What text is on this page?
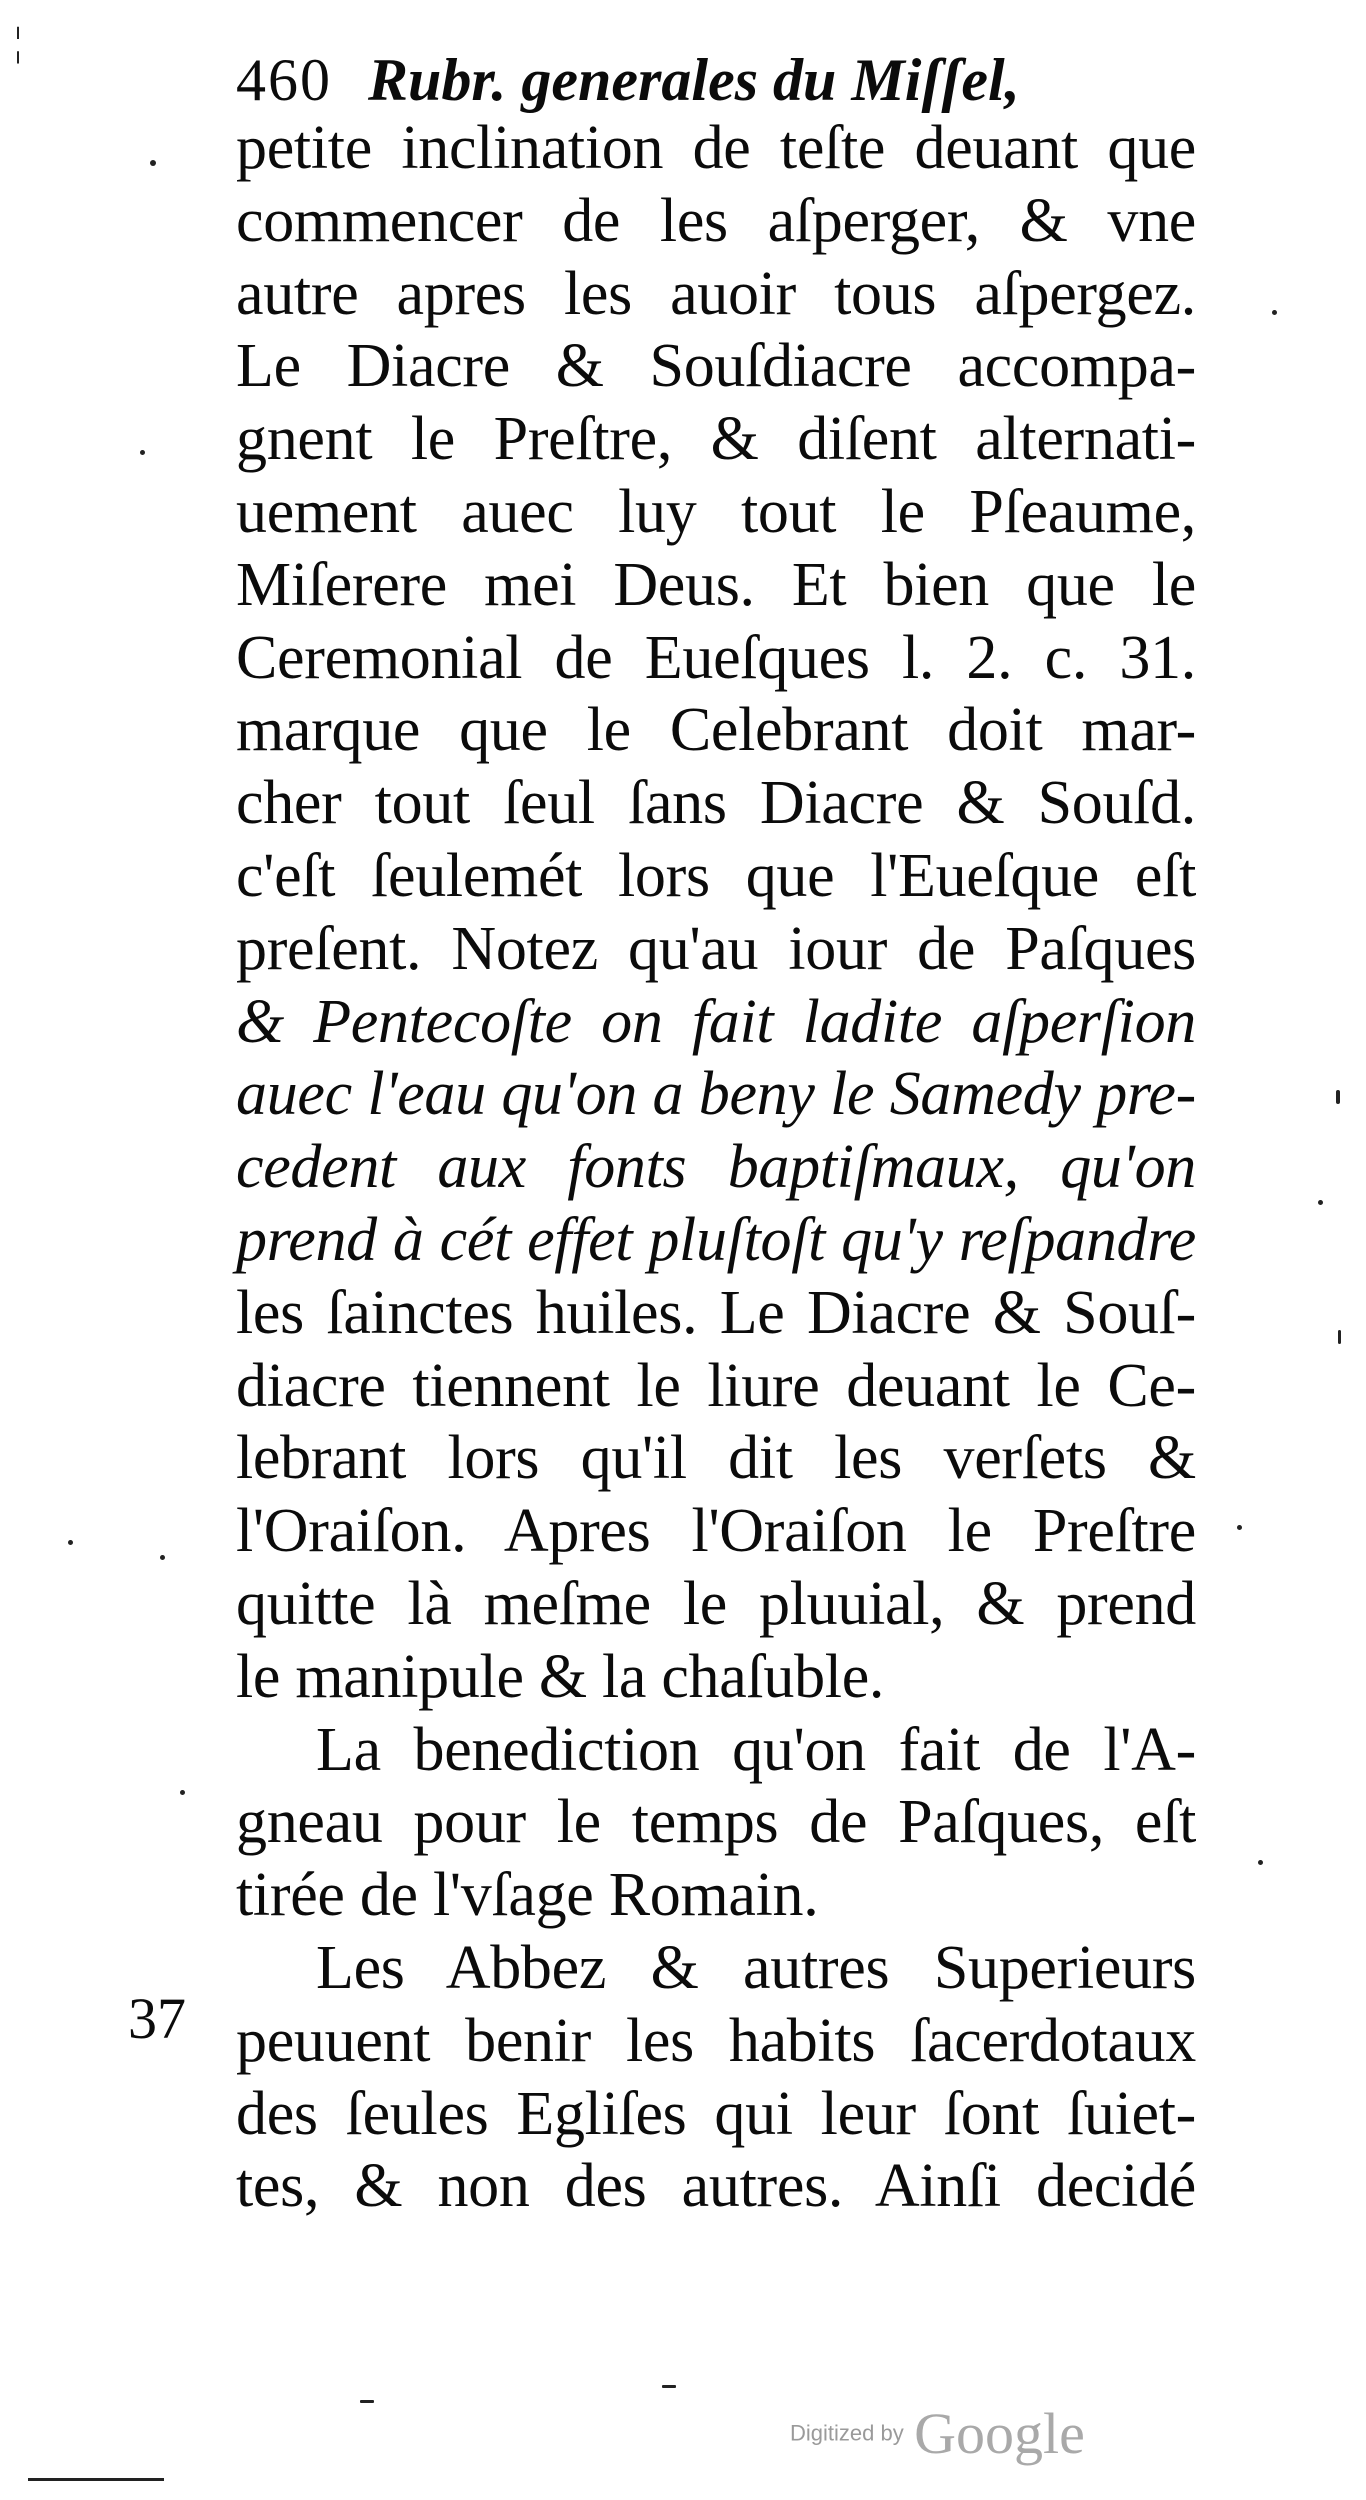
¦
460 Rubr. generales du Miſſel,
petite inclination de teſte deuant que
commencer de les aſperger, & vne
autre apres les auoir tous aſpergez.
Le Diacre & Souſdiacre accompa-
gnent le Preſtre, & diſent alternati-
uement auec luy tout le Pſeaume,
Miſerere mei Deus. Et bien que le
Ceremonial de Eueſques l. 2. c. 31.
marque que le Celebrant doit mar-
cher tout ſeul ſans Diacre & Souſd.
c'eſt ſeulemét lors que l'Eueſque eſt
preſent. Notez qu'au iour de Paſques
& Pentecoſte on fait ladite aſperſion
auec l'eau qu'on a beny le Samedy pre-
cedent aux fonts baptiſmaux, qu'on
prend à cét effet pluſtoſt qu'y reſpandre
les ſainctes huiles. Le Diacre & Souſ-
diacre tiennent le liure deuant le Ce-
lebrant lors qu'il dit les verſets &
l'Oraiſon. Apres l'Oraiſon le Preſtre
quitte là meſme le pluuial, & prend
le manipule & la chaſuble.
La benediction qu'on fait de l'A-
gneau pour le temps de Paſques, eſt
tirée de l'vſage Romain.
Les Abbez & autres Superieurs
peuuent benir les habits ſacerdotaux
des ſeules Egliſes qui leur ſont ſuiet-
tes, & non des autres. Ainſi decidé
37
Digitized by Google
